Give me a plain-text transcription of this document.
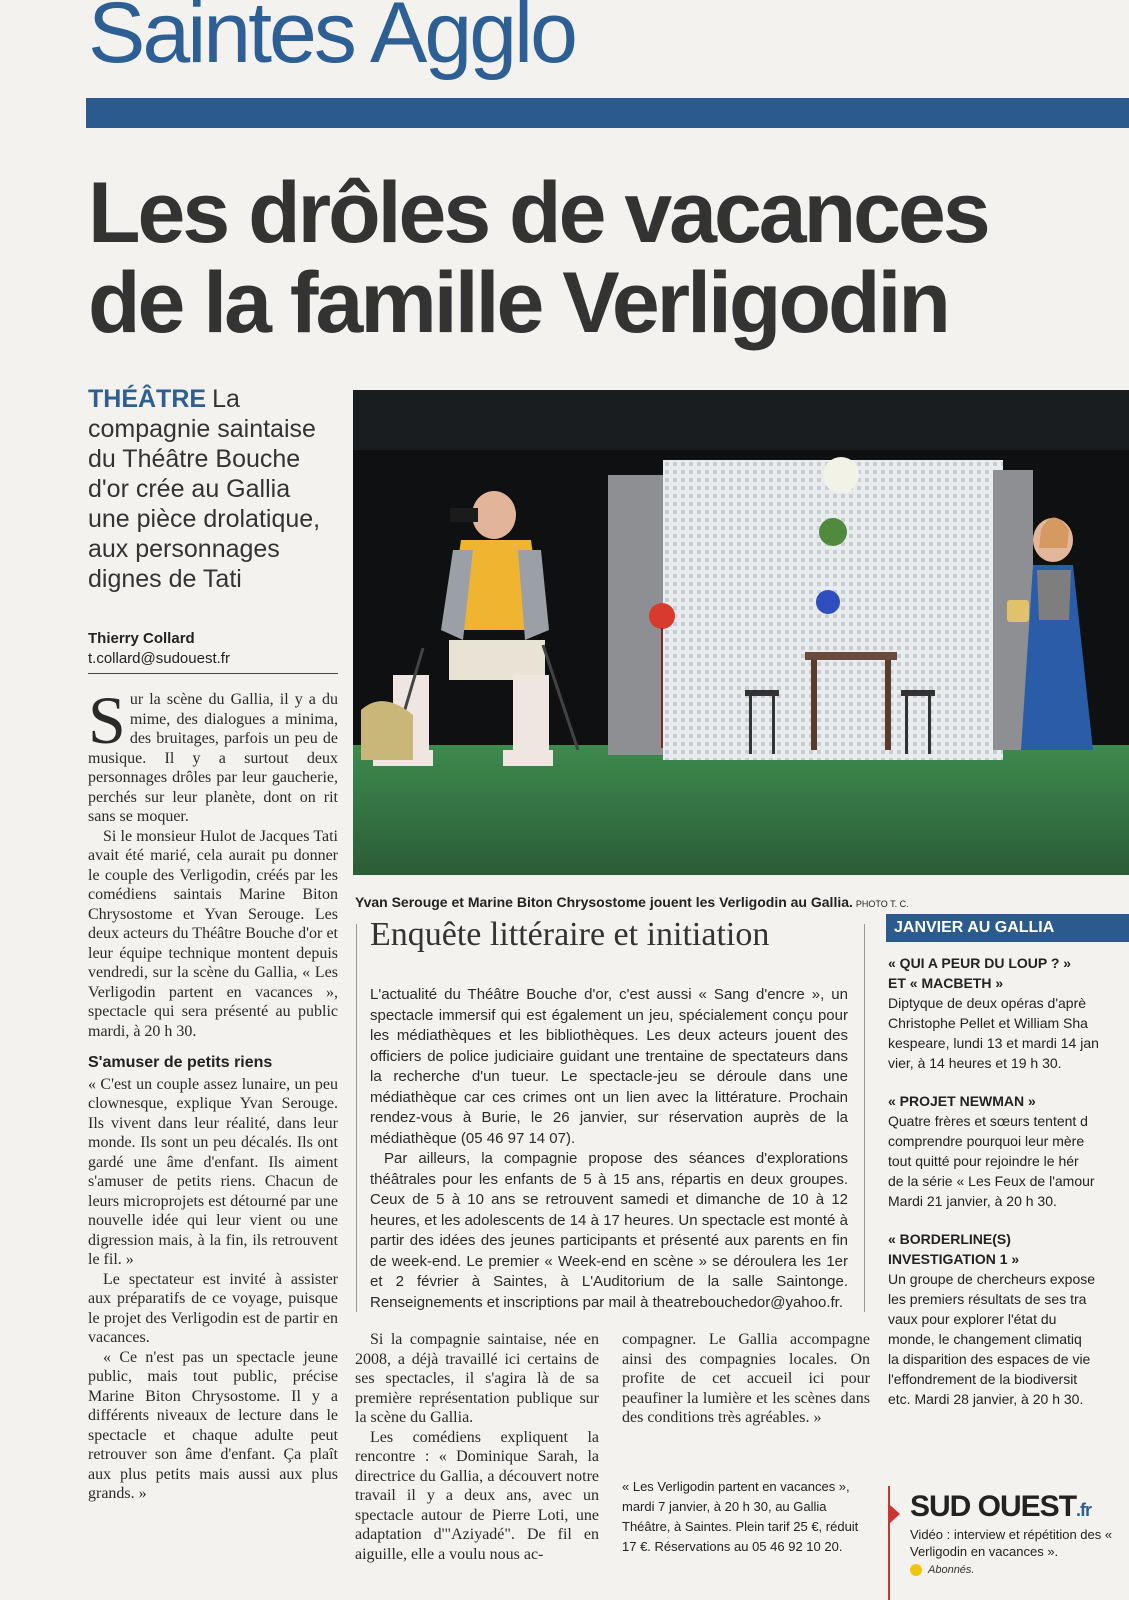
Saintes Agglo
Les drôles de vacances
de la famille Verligodin
THÉÂTRE La compagnie saintaise du Théâtre Bouche d'or crée au Gallia une pièce drolatique, aux personnages dignes de Tati
Thierry Collard
t.collard@sudouest.fr

Sur la scène du Gallia, il y a du mime, des dialogues a minima, des bruitages, parfois un peu de musique. Il y a surtout deux personnages drôles par leur gaucherie, perchés sur leur planète, dont on rit sans se moquer.

Si le monsieur Hulot de Jacques Tati avait été marié, cela aurait pu donner le couple des Verligodin, créés par les comédiens saintais Marine Biton Chrysostome et Yvan Serouge. Les deux acteurs du Théâtre Bouche d'or et leur équipe technique montent depuis vendredi, sur la scène du Gallia, « Les Verligodin partent en vacances », spectacle qui sera présenté au public mardi, à 20 h 30.

S'amuser de petits riens

« C'est un couple assez lunaire, un peu clownesque, explique Yvan Serouge. Ils vivent dans leur réalité, dans leur monde. Ils sont un peu décalés. Ils ont gardé une âme d'enfant. Ils aiment s'amuser de petits riens. Chacun de leurs microprojets est détourné par une nouvelle idée qui leur vient ou une digression mais, à la fin, ils retrouvent le fil. »

Le spectateur est invité à assister aux préparatifs de ce voyage, puisque le projet des Verligodin est de partir en vacances.

« Ce n'est pas un spectacle jeune public, mais tout public, précise Marine Biton Chrysostome. Il y a différents niveaux de lecture dans le spectacle et chaque adulte peut retrouver son âme d'enfant. Ça plaît aux plus petits mais aussi aux plus grands. »

Yvan Serouge et Marine Biton Chrysostome jouent les Verligodin au Gallia. PHOTO T. C.
Enquête littéraire et initiation

L'actualité du Théâtre Bouche d'or, c'est aussi « Sang d'encre », un spectacle immersif qui est également un jeu, spécialement conçu pour les médiathèques et les bibliothèques. Les deux acteurs jouent des officiers de police judiciaire guidant une trentaine de spectateurs dans la recherche d'un tueur. Le spectacle-jeu se déroule dans une médiathèque car ces crimes ont un lien avec la littérature. Prochain rendez-vous à Burie, le 26 janvier, sur réservation auprès de la médiathèque (05 46 97 14 07).

Par ailleurs, la compagnie propose des séances d'explorations théâtrales pour les enfants de 5 à 15 ans, répartis en deux groupes. Ceux de 5 à 10 ans se retrouvent samedi et dimanche de 10 à 12 heures, et les adolescents de 14 à 17 heures. Un spectacle est monté à partir des idées des jeunes participants et présenté aux parents en fin de week-end. Le premier « Week-end en scène » se déroulera les 1er et 2 février à Saintes, à L'Auditorium de la salle Saintonge. Renseignements et inscriptions par mail à theatrebouchedor@yahoo.fr.

Si la compagnie saintaise, née en 2008, a déjà travaillé ici certains de ses spectacles, il s'agira là de sa première représentation publique sur la scène du Gallia.

Les comédiens expliquent la rencontre : « Dominique Sarah, la directrice du Gallia, a découvert notre travail il y a deux ans, avec un spectacle autour de Pierre Loti, une adaptation d'"Aziyadé". De fil en aiguille, elle a voulu nous ac-

compagner. Le Gallia accompagne ainsi des compagnies locales. On profite de cet accueil ici pour peaufiner la lumière et les scènes dans des conditions très agréables. »

« Les Verligodin partent en vacances », mardi 7 janvier, à 20 h 30, au Gallia Théâtre, à Saintes. Plein tarif 25 €, réduit 17 €. Réservations au 05 46 92 10 20.
JANVIER AU GALLIA
« QUI A PEUR DU LOUP ? »
ET « MACBETH »
Diptyque de deux opéras d'aprè
Christophe Pellet et William Sha
kespeare, lundi 13 et mardi 14 jan
vier, à 14 heures et 19 h 30.
« PROJET NEWMAN »
Quatre frères et sœurs tentent d
comprendre pourquoi leur mère
tout quitté pour rejoindre le hér
de la série « Les Feux de l'amour
Mardi 21 janvier, à 20 h 30.
« BORDERLINE(S)
INVESTIGATION 1 »
Un groupe de chercheurs expose
les premiers résultats de ses tra
vaux pour explorer l'état du
monde, le changement climatiq
la disparition des espaces de vie
l'effondrement de la biodiversit
etc. Mardi 28 janvier, à 20 h 30.
SUD OUEST.fr
Vidéo : interview et répétition des « Verligodin en vacances ».
Abonnés.
